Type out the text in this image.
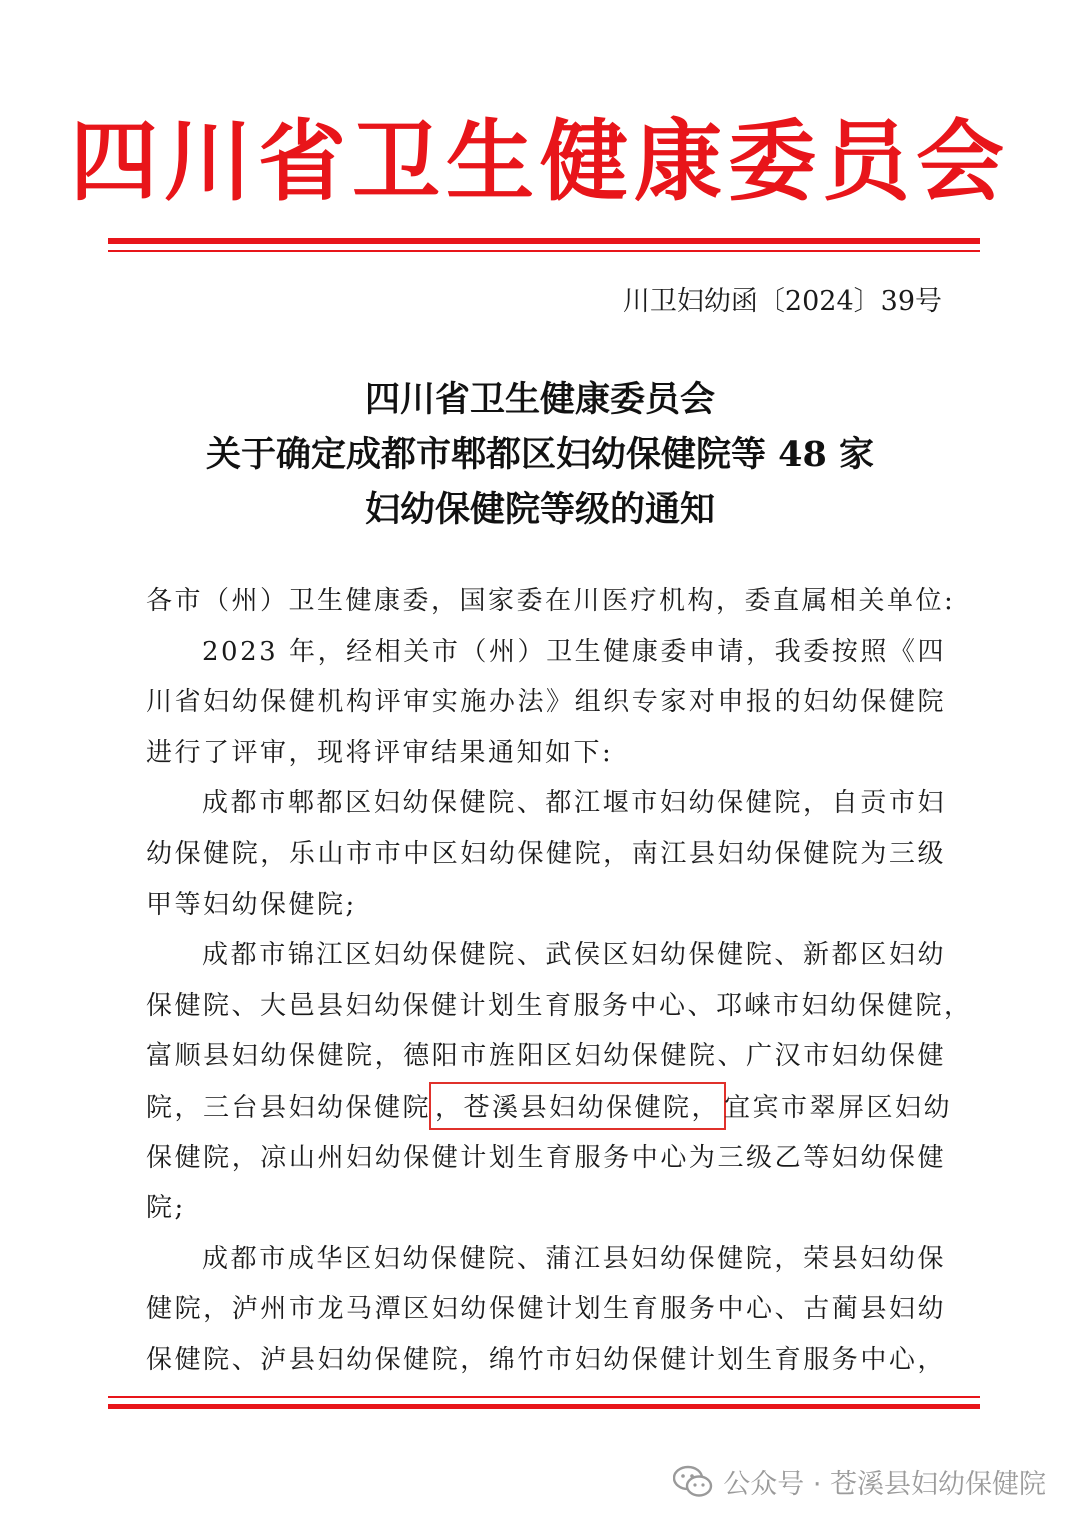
四川省卫生健康委员会
川卫妇幼函〔2024〕39号
四川省卫生健康委员会
关于确定成都市郫都区妇幼保健院等 48 家
妇幼保健院等级的通知
各市（州）卫生健康委，国家委在川医疗机构，委直属相关单位:
2023 年，经相关市（州）卫生健康委申请，我委按照《四
川省妇幼保健机构评审实施办法》组织专家对申报的妇幼保健院
进行了评审，现将评审结果通知如下:
成都市郫都区妇幼保健院、都江堰市妇幼保健院，自贡市妇
幼保健院，乐山市市中区妇幼保健院，南江县妇幼保健院为三级
甲等妇幼保健院;
成都市锦江区妇幼保健院、武侯区妇幼保健院、新都区妇幼
保健院、大邑县妇幼保健计划生育服务中心、邛崃市妇幼保健院，
富顺县妇幼保健院，德阳市旌阳区妇幼保健院、广汉市妇幼保健
院，三台县妇幼保健院 ，苍溪县妇幼保健院， 宜宾市翠屏区妇幼
保健院，凉山州妇幼保健计划生育服务中心为三级乙等妇幼保健
院;
成都市成华区妇幼保健院、蒲江县妇幼保健院，荣县妇幼保
健院，泸州市龙马潭区妇幼保健计划生育服务中心、古蔺县妇幼
保健院、泸县妇幼保健院，绵竹市妇幼保健计划生育服务中心，
公众号 · 苍溪县妇幼保健院
